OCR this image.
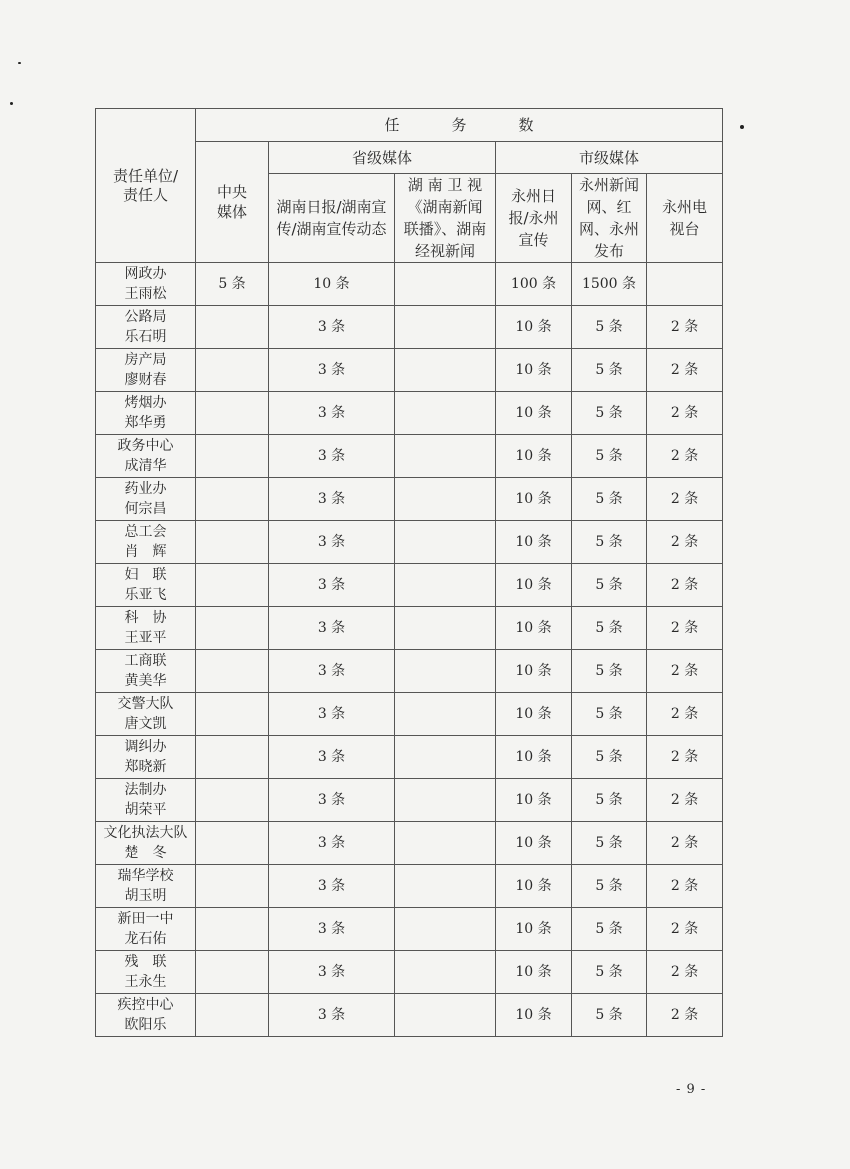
责任单位/责任人	任务数					
	中央媒体	省级媒体		市级媒体		
		湖南日报/湖南宣传/湖南宣传动态	湖 南 卫 视《湖南新闻联播》、湖南经视新闻	永州日报/永州宣传	永州新闻网、红网、永州发布	永州电视台

网政办
王雨松	5 条	10 条		100 条	1500 条	

公路局
乐石明		3 条		10 条	5 条	2 条

房产局
廖财春		3 条		10 条	5 条	2 条

烤烟办
郑华勇		3 条		10 条	5 条	2 条

政务中心
成清华		3 条		10 条	5 条	2 条

药业办
何宗昌		3 条		10 条	5 条	2 条

总工会
肖　辉		3 条		10 条	5 条	2 条

妇　联
乐亚飞		3 条		10 条	5 条	2 条

科　协
王亚平		3 条		10 条	5 条	2 条

工商联
黄美华		3 条		10 条	5 条	2 条

交警大队
唐文凯		3 条		10 条	5 条	2 条

调纠办
郑晓新		3 条		10 条	5 条	2 条

法制办
胡荣平		3 条		10 条	5 条	2 条

文化执法大队
楚　冬		3 条		10 条	5 条	2 条

瑞华学校
胡玉明		3 条		10 条	5 条	2 条

新田一中
龙石佑		3 条		10 条	5 条	2 条

残　联
王永生		3 条		10 条	5 条	2 条

疾控中心
欧阳乐		3 条		10 条	5 条	2 条
- 9 -
